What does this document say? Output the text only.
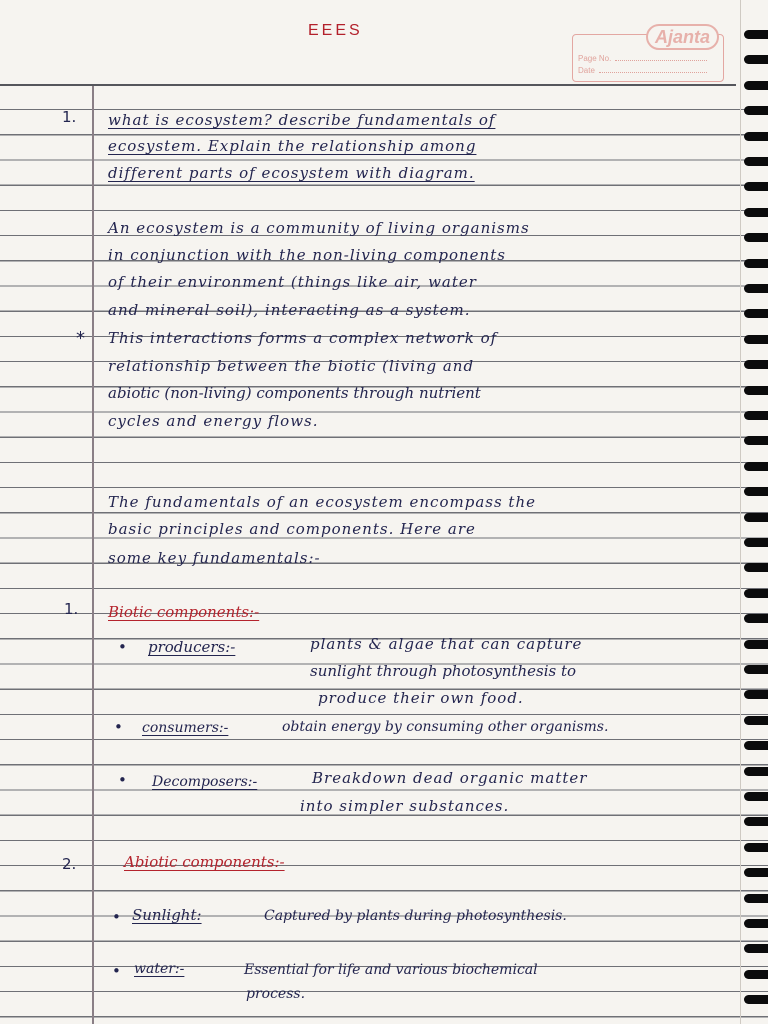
EEES	Ajanta
Page No.
Date
1. what is ecosystem? describe fundamentals of
ecosystem. Explain the relationship among
different parts of ecosystem with diagram.
An ecosystem is a community of living organisms
in conjunction with the non-living components
of their environment (things like air, water
and mineral soil), interacting as a system.
* This interactions forms a complex network of
relationship between the biotic (living and
abiotic (non-living) components through nutrient
cycles and energy flows.
The fundamentals of an ecosystem encompass the
basic principles and components. Here are
some key fundamentals:-
1. Biotic components:-
• producers:-	plants & algae that can capture
sunlight through photosynthesis to
produce their own food.
• consumers:-	obtain energy by consuming other organisms.
• Decomposers:-	Breakdown dead organic matter
into simpler substances.
2.	Abiotic components:-
• Sunlight:	Captured by plants during photosynthesis.
• water:-	Essential for life and various biochemical
process.
